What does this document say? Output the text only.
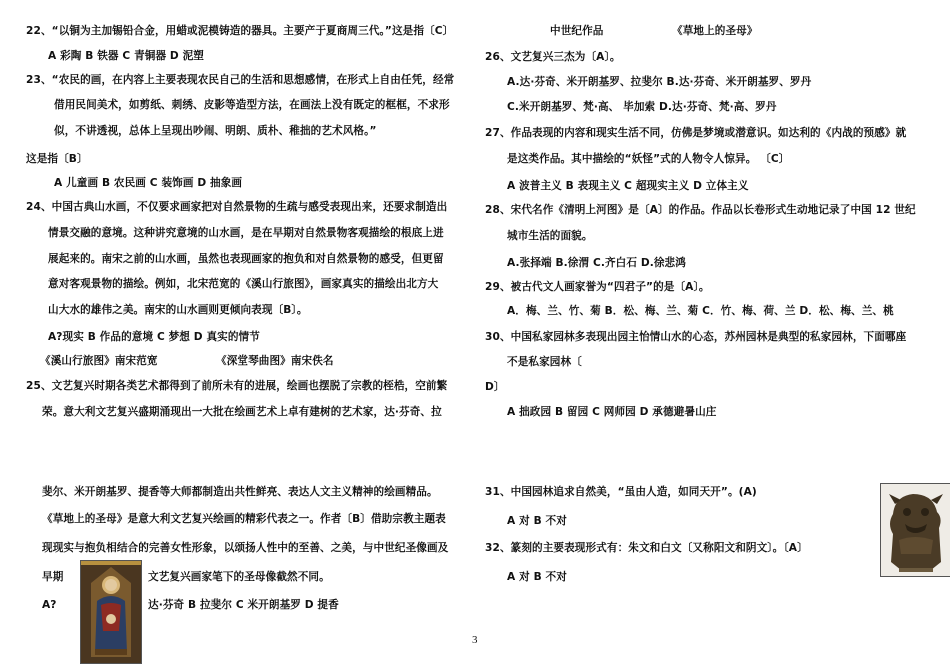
22、“以铜为主加锡铅合金，用蜡或泥模铸造的器具。主要产于夏商周三代。”这是指〔C〕
A 彩陶 B 铁器 C 青铜器 D 泥塑
23、“农民的画，在内容上主要表现农民自己的生活和思想感情，在形式上自由任凭，经常
借用民间美术，如剪纸、刺绣、皮影等造型方法，在画法上没有既定的框框，不求形
似，不讲透视，总体上呈现出吵闹、明朗、质朴、稚拙的艺术风格。”
这是指〔B〕
A 儿童画 B 农民画 C 装饰画 D 抽象画
24、中国古典山水画，不仅要求画家把对自然景物的生疏与感受表现出来，还要求制造出
情景交融的意境。这种讲究意境的山水画，是在早期对自然景物客观描绘的根底上进
展起来的。南宋之前的山水画，虽然也表现画家的抱负和对自然景物的感受，但更留
意对客观景物的描绘。例如，北宋范宽的《溪山行旅图》，画家真实的描绘出北方大
山大水的雄伟之美。南宋的山水画则更倾向表现〔B〕。
A?现实 B 作品的意境 C 梦想 D 真实的情节
《溪山行旅图》南宋范宽	《深堂琴曲图》南宋佚名
25、文艺复兴时期各类艺术都得到了前所未有的进展，绘画也摆脱了宗教的桎梏，空前繁
荣。意大利文艺复兴盛期涌现出一大批在绘画艺术上卓有建树的艺术家，达·芬奇、拉
中世纪作品	《草地上的圣母》
26、文艺复兴三杰为〔A〕。
A.达·芬奇、米开朗基罗、拉斐尔 B.达·芬奇、米开朗基罗、罗丹
C.米开朗基罗、梵·高、 毕加索 D.达·芬奇、梵·高、罗丹
27、作品表现的内容和现实生活不同，仿佛是梦境或潜意识。如达利的《内战的预感》就
是这类作品。其中描绘的“妖怪”式的人物令人惊异。 〔C〕
A 波普主义 B 表现主义 C 超现实主义 D 立体主义
28、宋代名作《清明上河图》是〔A〕的作品。作品以长卷形式生动地记录了中国 12 世纪
城市生活的面貌。
A.张择端 B.徐渭 C.齐白石 D.徐悲鸿
29、被古代文人画家誉为“四君子”的是〔A〕。
A．梅、兰、竹、菊 B．松、梅、兰、菊 C．竹、梅、荷、兰 D．松、梅、兰、桃
30、中国私家园林多表现出园主怡情山水的心态，苏州园林是典型的私家园林，下面哪座
不是私家园林〔
D〕
A 拙政园 B 留园 C 网师园 D 承德避暑山庄
斐尔、米开朗基罗、提香等大师都制造出共性鲜亮、表达人文主义精神的绘画精品。
《草地上的圣母》是意大利文艺复兴绘画的精彩代表之一。作者〔B〕借助宗教主题表
现现实与抱负相结合的完善女性形象，以颂扬人性中的至善、之美，与中世纪圣像画及
早期	文艺复兴画家笔下的圣母像截然不同。
A?	达·芬奇 B 拉斐尔 C 米开朗基罗 D 提香
31、中国园林追求自然美，“虽由人造，如同天开”。(A)
A 对 B 不对
32、篆刻的主要表现形式有：朱文和白文〔又称阳文和阴文〕。〔A〕
A 对 B 不对
3
